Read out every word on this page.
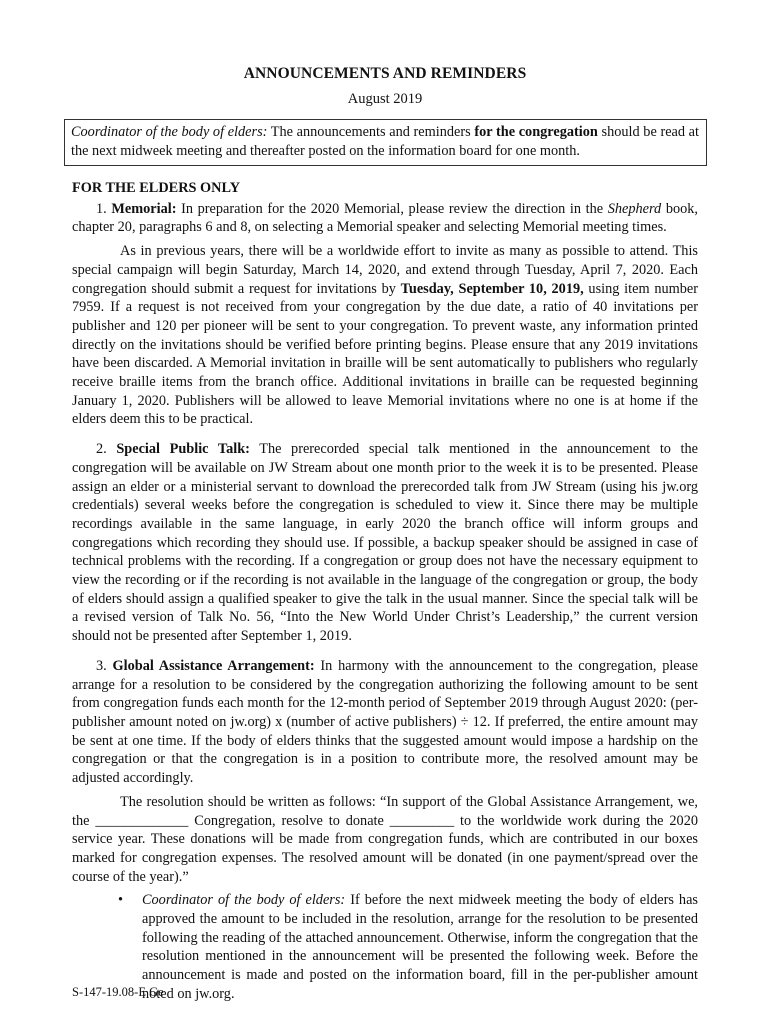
ANNOUNCEMENTS AND REMINDERS
August 2019
Coordinator of the body of elders: The announcements and reminders for the congregation should be read at the next midweek meeting and thereafter posted on the information board for one month.

FOR THE ELDERS ONLY

1. Memorial: In preparation for the 2020 Memorial, please review the direction in the Shepherd book, chapter 20, paragraphs 6 and 8, on selecting a Memorial speaker and selecting Memorial meeting times.

As in previous years, there will be a worldwide effort to invite as many as possible to attend. This special campaign will begin Saturday, March 14, 2020, and extend through Tuesday, April 7, 2020. Each congregation should submit a request for invitations by Tuesday, September 10, 2019, using item number 7959. If a request is not received from your congregation by the due date, a ratio of 40 invitations per publisher and 120 per pioneer will be sent to your congregation. To prevent waste, any information printed directly on the invitations should be verified before printing begins. Please ensure that any 2019 invitations have been discarded. A Memorial invitation in braille will be sent automatically to publishers who regularly receive braille items from the branch office. Additional invitations in braille can be requested beginning January 1, 2020. Publishers will be allowed to leave Memorial invitations where no one is at home if the elders deem this to be practical.

2. Special Public Talk: The prerecorded special talk mentioned in the announcement to the congregation will be available on JW Stream about one month prior to the week it is to be presented. Please assign an elder or a ministerial servant to download the prerecorded talk from JW Stream (using his jw.org credentials) several weeks before the congregation is scheduled to view it. Since there may be multiple recordings available in the same language, in early 2020 the branch office will inform groups and congregations which recording they should use. If possible, a backup speaker should be assigned in case of technical problems with the recording. If a congregation or group does not have the necessary equipment to view the recording or if the recording is not available in the language of the congregation or group, the body of elders should assign a qualified speaker to give the talk in the usual manner. Since the special talk will be a revised version of Talk No. 56, “Into the New World Under Christ’s Leadership,” the current version should not be presented after September 1, 2019.

3. Global Assistance Arrangement: In harmony with the announcement to the congregation, please arrange for a resolution to be considered by the congregation authorizing the following amount to be sent from congregation funds each month for the 12-month period of September 2019 through August 2020: (per-publisher amount noted on jw.org) x (number of active publishers) ÷ 12. If preferred, the entire amount may be sent at one time. If the body of elders thinks that the suggested amount would impose a hardship on the congregation or that the congregation is in a position to contribute more, the resolved amount may be adjusted accordingly.

The resolution should be written as follows: “In support of the Global Assistance Arrangement, we, the _____________ Congregation, resolve to donate _________ to the worldwide work during the 2020 service year. These donations will be made from congregation funds, which are contributed in our boxes marked for congregation expenses. The resolved amount will be donated (in one payment/spread over the course of the year).”

• Coordinator of the body of elders: If before the next midweek meeting the body of elders has approved the amount to be included in the resolution, arrange for the resolution to be presented following the reading of the attached announcement. Otherwise, inform the congregation that the resolution mentioned in the announcement will be presented the following week. Before the announcement is made and posted on the information board, fill in the per-publisher amount noted on jw.org.

S-147-19.08-E Ge
